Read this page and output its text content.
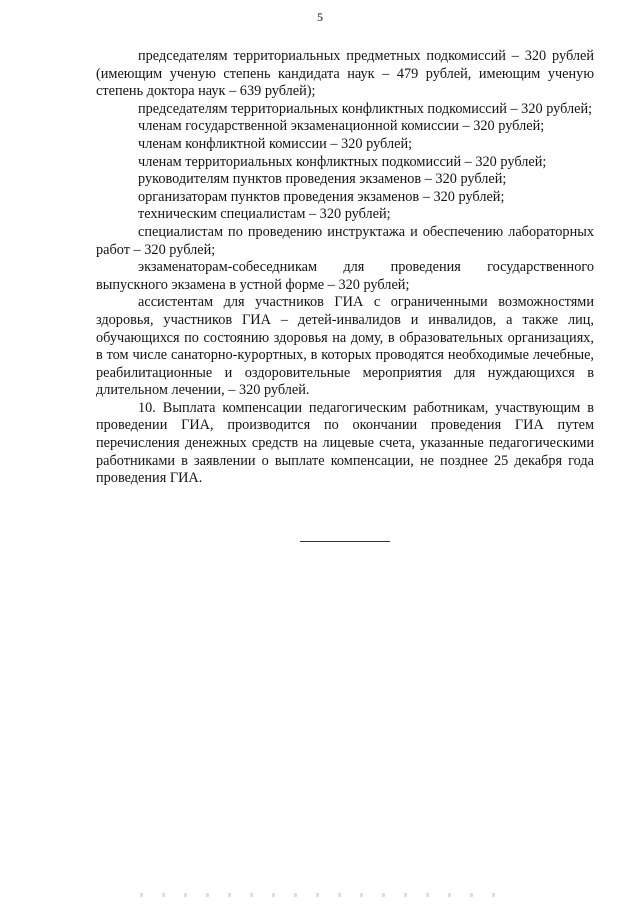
5

председателям территориальных предметных подкомиссий – 320 рублей (имеющим ученую степень кандидата наук – 479 рублей, имеющим ученую степень доктора наук – 639 рублей);

председателям территориальных конфликтных подкомиссий – 320 рублей;

членам государственной экзаменационной комиссии – 320 рублей;

членам конфликтной комиссии – 320 рублей;

членам территориальных конфликтных подкомиссий – 320 рублей;

руководителям пунктов проведения экзаменов – 320 рублей;

организаторам пунктов проведения экзаменов – 320 рублей;

техническим специалистам – 320 рублей;

специалистам по проведению инструктажа и обеспечению лабораторных работ – 320 рублей;

экзаменаторам-собеседникам для проведения государственного выпускного экзамена в устной форме – 320 рублей;

ассистентам для участников ГИА с ограниченными возможностями здоровья, участников ГИА – детей-инвалидов и инвалидов, а также лиц, обучающихся по состоянию здоровья на дому, в образовательных организациях, в том числе санаторно-курортных, в которых проводятся необходимые лечебные, реабилитационные и оздоровительные мероприятия для нуждающихся в длительном лечении, – 320 рублей.

10. Выплата компенсации педагогическим работникам, участвующим в проведении ГИА, производится по окончании проведения ГИА путем перечисления денежных средств на лицевые счета, указанные педагогическими работниками в заявлении о выплате компенсации, не позднее 25 декабря года проведения ГИА.
